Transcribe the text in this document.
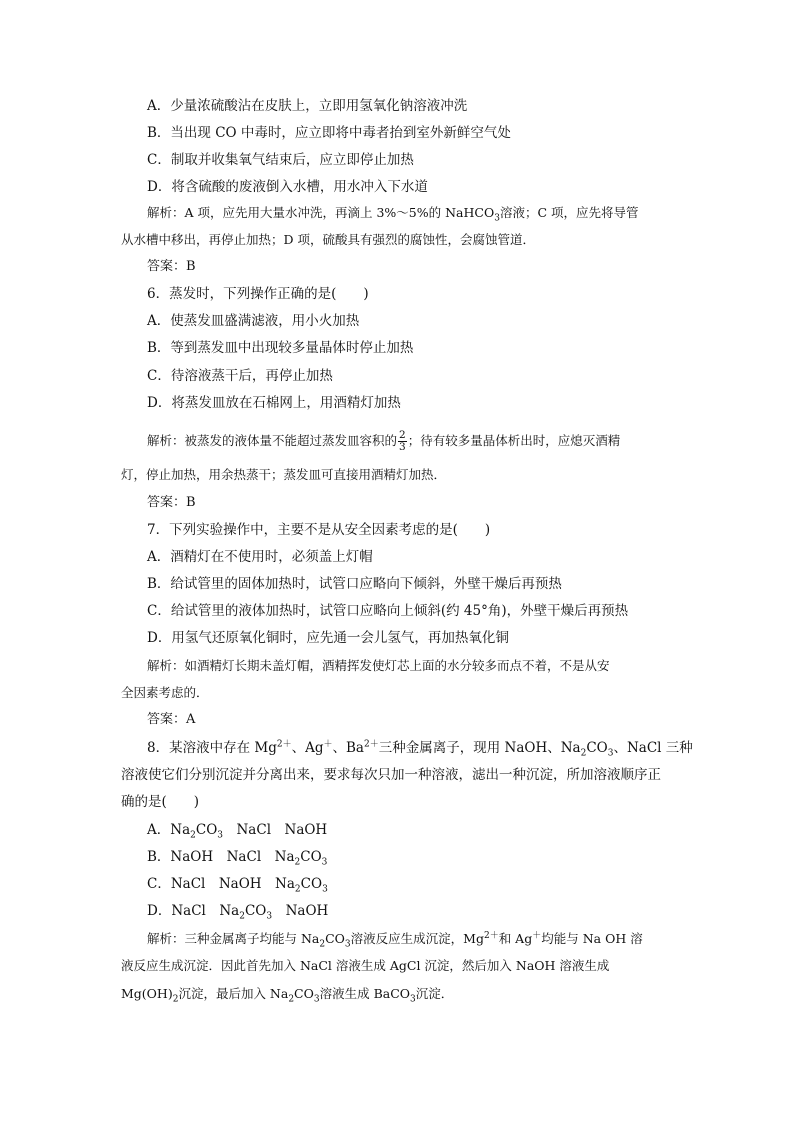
A．少量浓硫酸沾在皮肤上，立即用氢氧化钠溶液冲洗
B．当出现 CO 中毒时，应立即将中毒者抬到室外新鲜空气处
C．制取并收集氧气结束后，应立即停止加热
D．将含硫酸的废液倒入水槽，用水冲入下水道
解析：A 项，应先用大量水冲洗，再滴上 3%～5%的 NaHCO$_3$溶液；C 项，应先将导管
从水槽中移出，再停止加热；D 项，硫酸具有强烈的腐蚀性，会腐蚀管道．
答案：B
6．蒸发时，下列操作正确的是(　　)
A．使蒸发皿盛满滤液，用小火加热
B．等到蒸发皿中出现较多量晶体时停止加热
C．待溶液蒸干后，再停止加热
D．将蒸发皿放在石棉网上，用酒精灯加热
解析：被蒸发的液体量不能超过蒸发皿容积的 $\frac{2}{3}$ ；待有较多量晶体析出时，应熄灭酒精
灯，停止加热，用余热蒸干；蒸发皿可直接用酒精灯加热．
答案：B
7．下列实验操作中，主要不是从安全因素考虑的是(　　)
A．酒精灯在不使用时，必须盖上灯帽
B．给试管里的固体加热时，试管口应略向下倾斜，外壁干燥后再预热
C．给试管里的液体加热时，试管口应略向上倾斜(约 45°角)，外壁干燥后再预热
D．用氢气还原氧化铜时，应先通一会儿氢气，再加热氧化铜
解析：如酒精灯长期未盖灯帽，酒精挥发使灯芯上面的水分较多而点不着，不是从安
全因素考虑的．
答案：A
8．某溶液中存在 $Mg^{2+}$、Ag＋、$Ba^{2+}$三种金属离子，现用 NaOH、$Na_2CO_3$、NaCl 三种
溶液使它们分别沉淀并分离出来，要求每次只加一种溶液，滤出一种沉淀，所加溶液顺序正
确的是(　　)
A．$Na_2CO_3$　NaCl　NaOH
B．NaOH　NaCl　$Na_2CO_3$
C．NaCl　NaOH　$Na_2CO_3$
D．NaCl　$Na_2CO_3$　NaOH
解析：三种金属离子均能与 $Na_2CO_3$溶液反应生成沉淀，$Mg^{2+}$和 Ag＋均能与 Na OH 溶
液反应生成沉淀．因此首先加入 NaCl 溶液生成 AgCl 沉淀，然后加入 NaOH 溶液生成
$Mg(OH)_2$沉淀，最后加入 $Na_2CO_3$溶液生成 BaCO$_3$沉淀．
